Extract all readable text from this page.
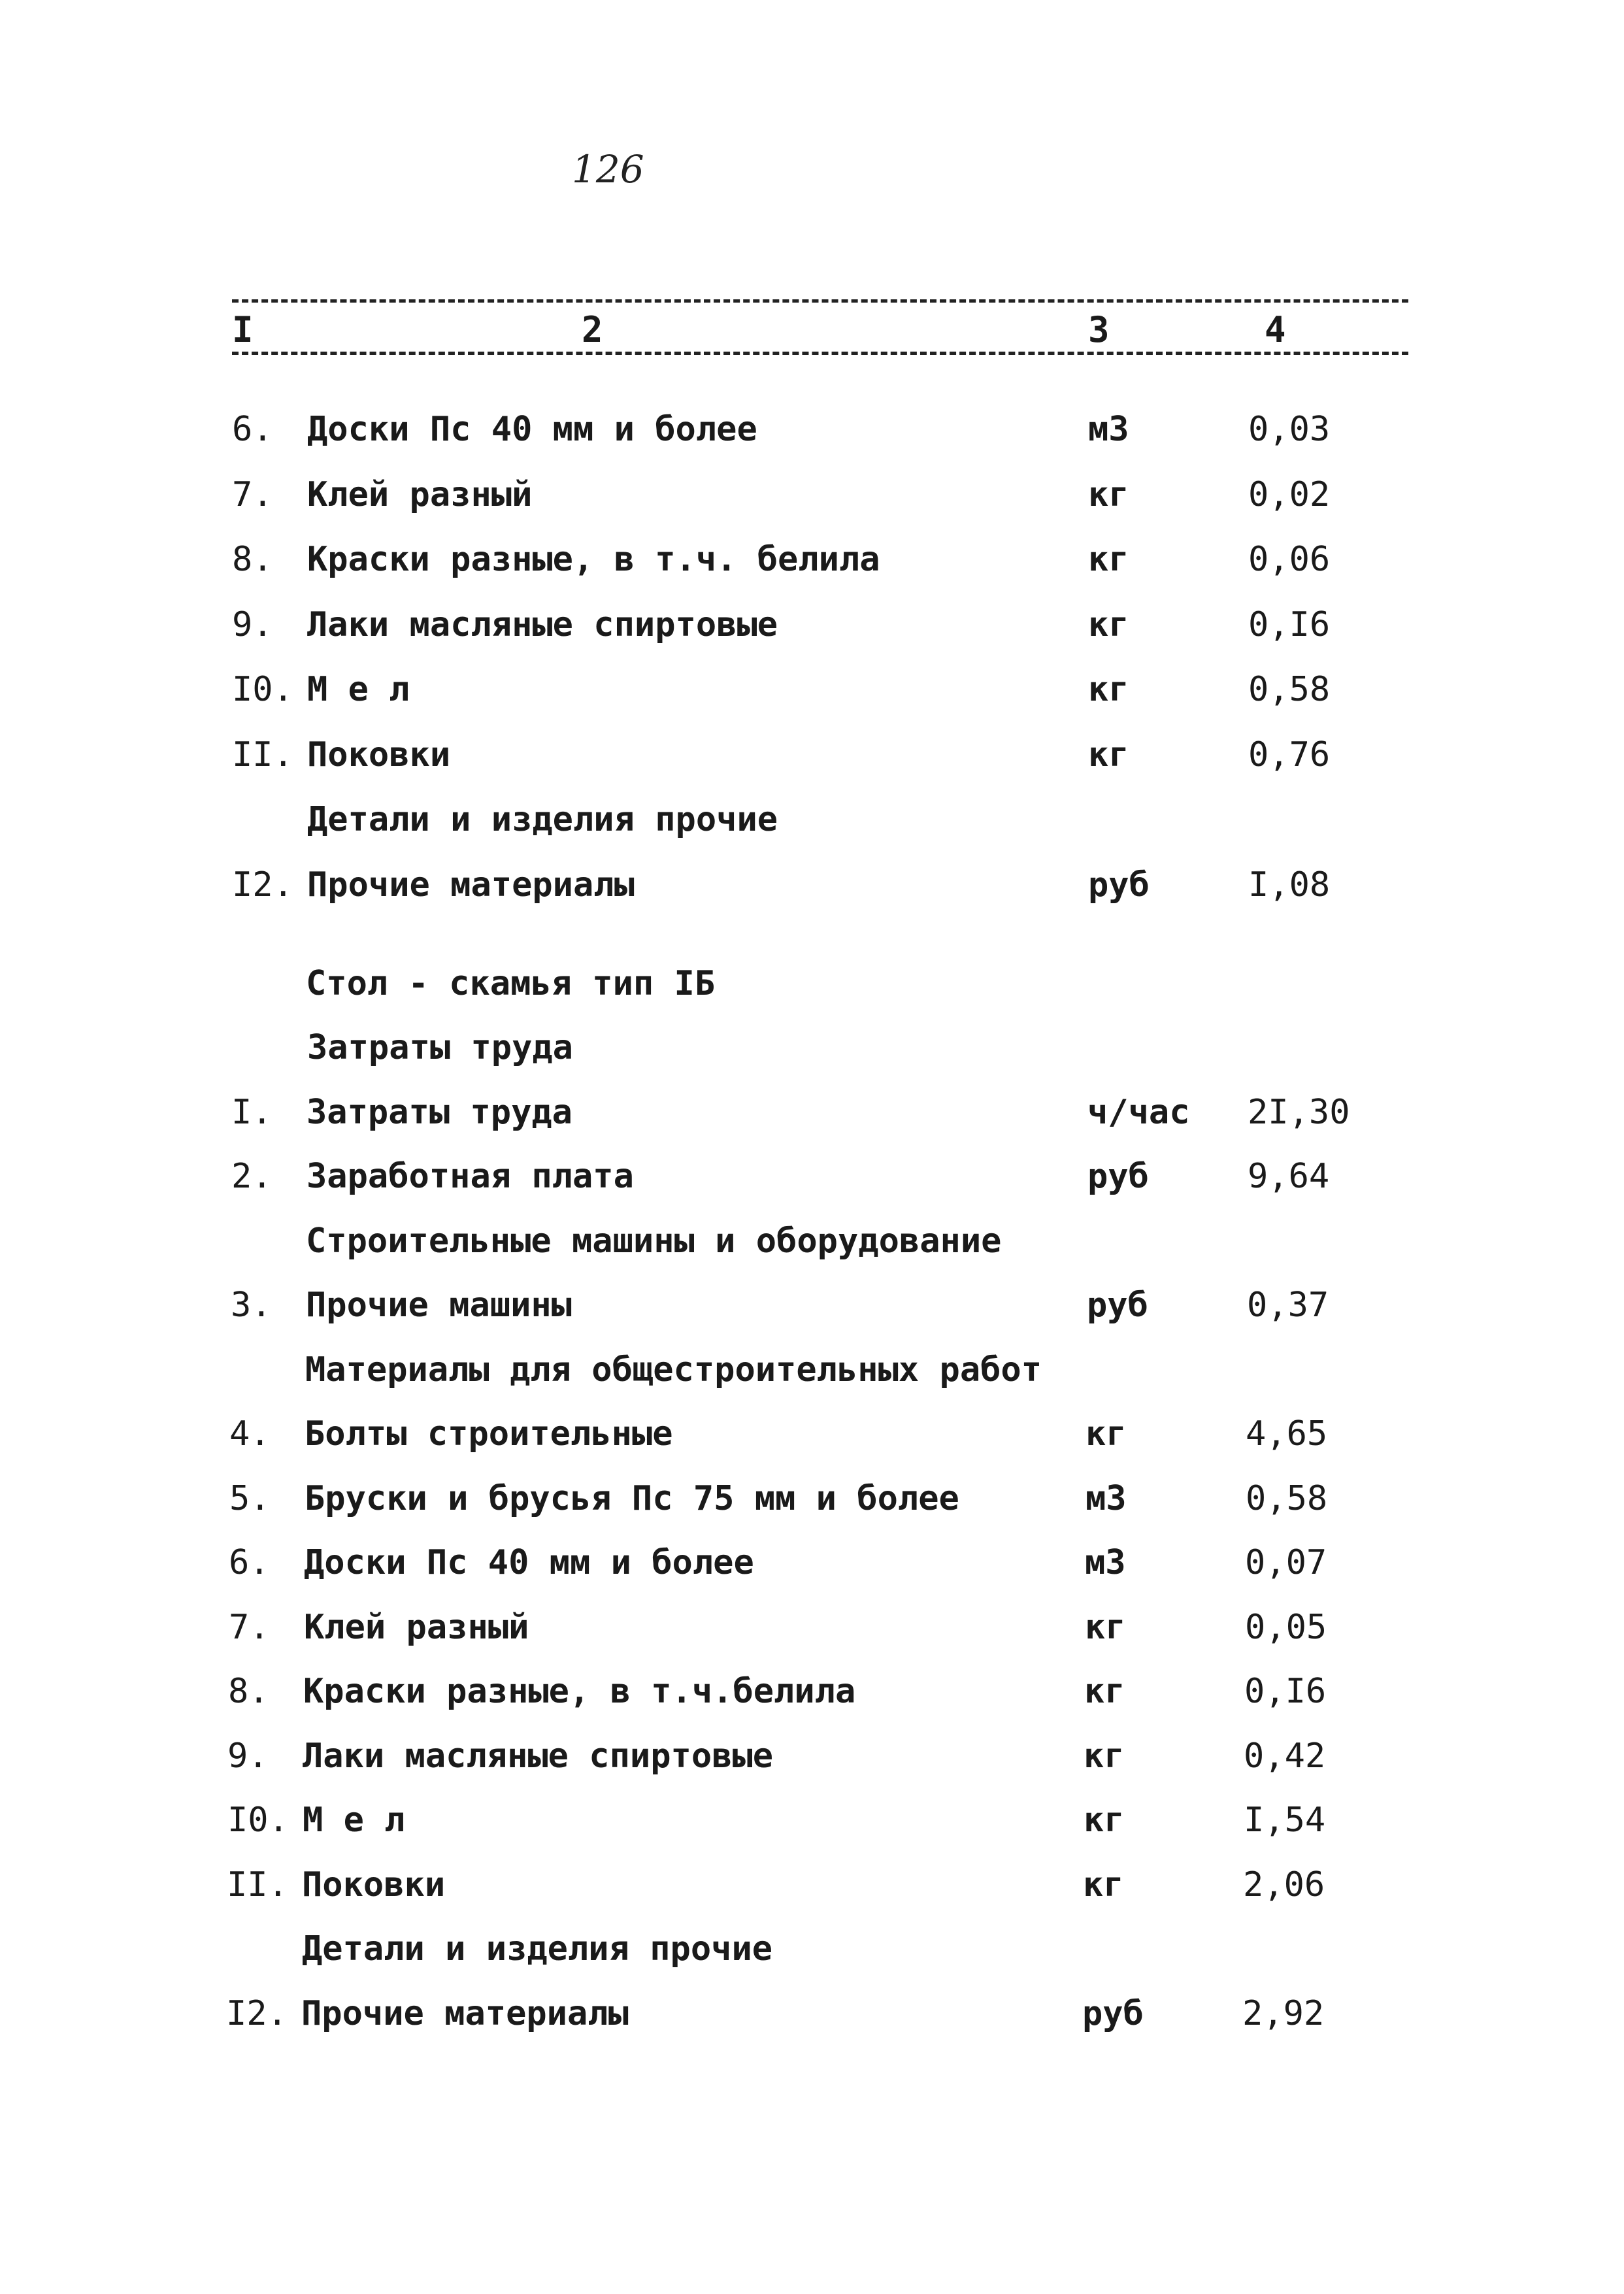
126
I	2	3	4
6. Доски Пс 40 мм и более	м3	0,03
7. Клей разный	кг	0,02
8. Краски разные, в т.ч. белила	кг	0,06
9. Лаки масляные спиртовые	кг	0,I6
I0. М е л	кг	0,58
II. Поковки	кг	0,76
Детали и изделия прочие
I2. Прочие материалы	руб	I,08
Стол - скамья тип IБ
Затраты труда
I. Затраты труда	ч/час 2I,30
2. Заработная плата	руб	9,64
Строительные машины и оборудование
3. Прочие машины	руб	0,37
Материалы для общестроительных работ
4. Болты строительные	кг	4,65
5. Бруски и брусья Пс 75 мм и более	м3	0,58
6. Доски Пс 40 мм и более	м3	0,07
7. Клей разный	кг	0,05
8. Краски разные, в т.ч.белила	кг	0,I6
9. Лаки масляные спиртовые	кг	0,42
I0. М е л	кг	I,54
II. Поковки	кг	2,06
Детали и изделия прочие
I2. Прочие материалы	руб	2,92
